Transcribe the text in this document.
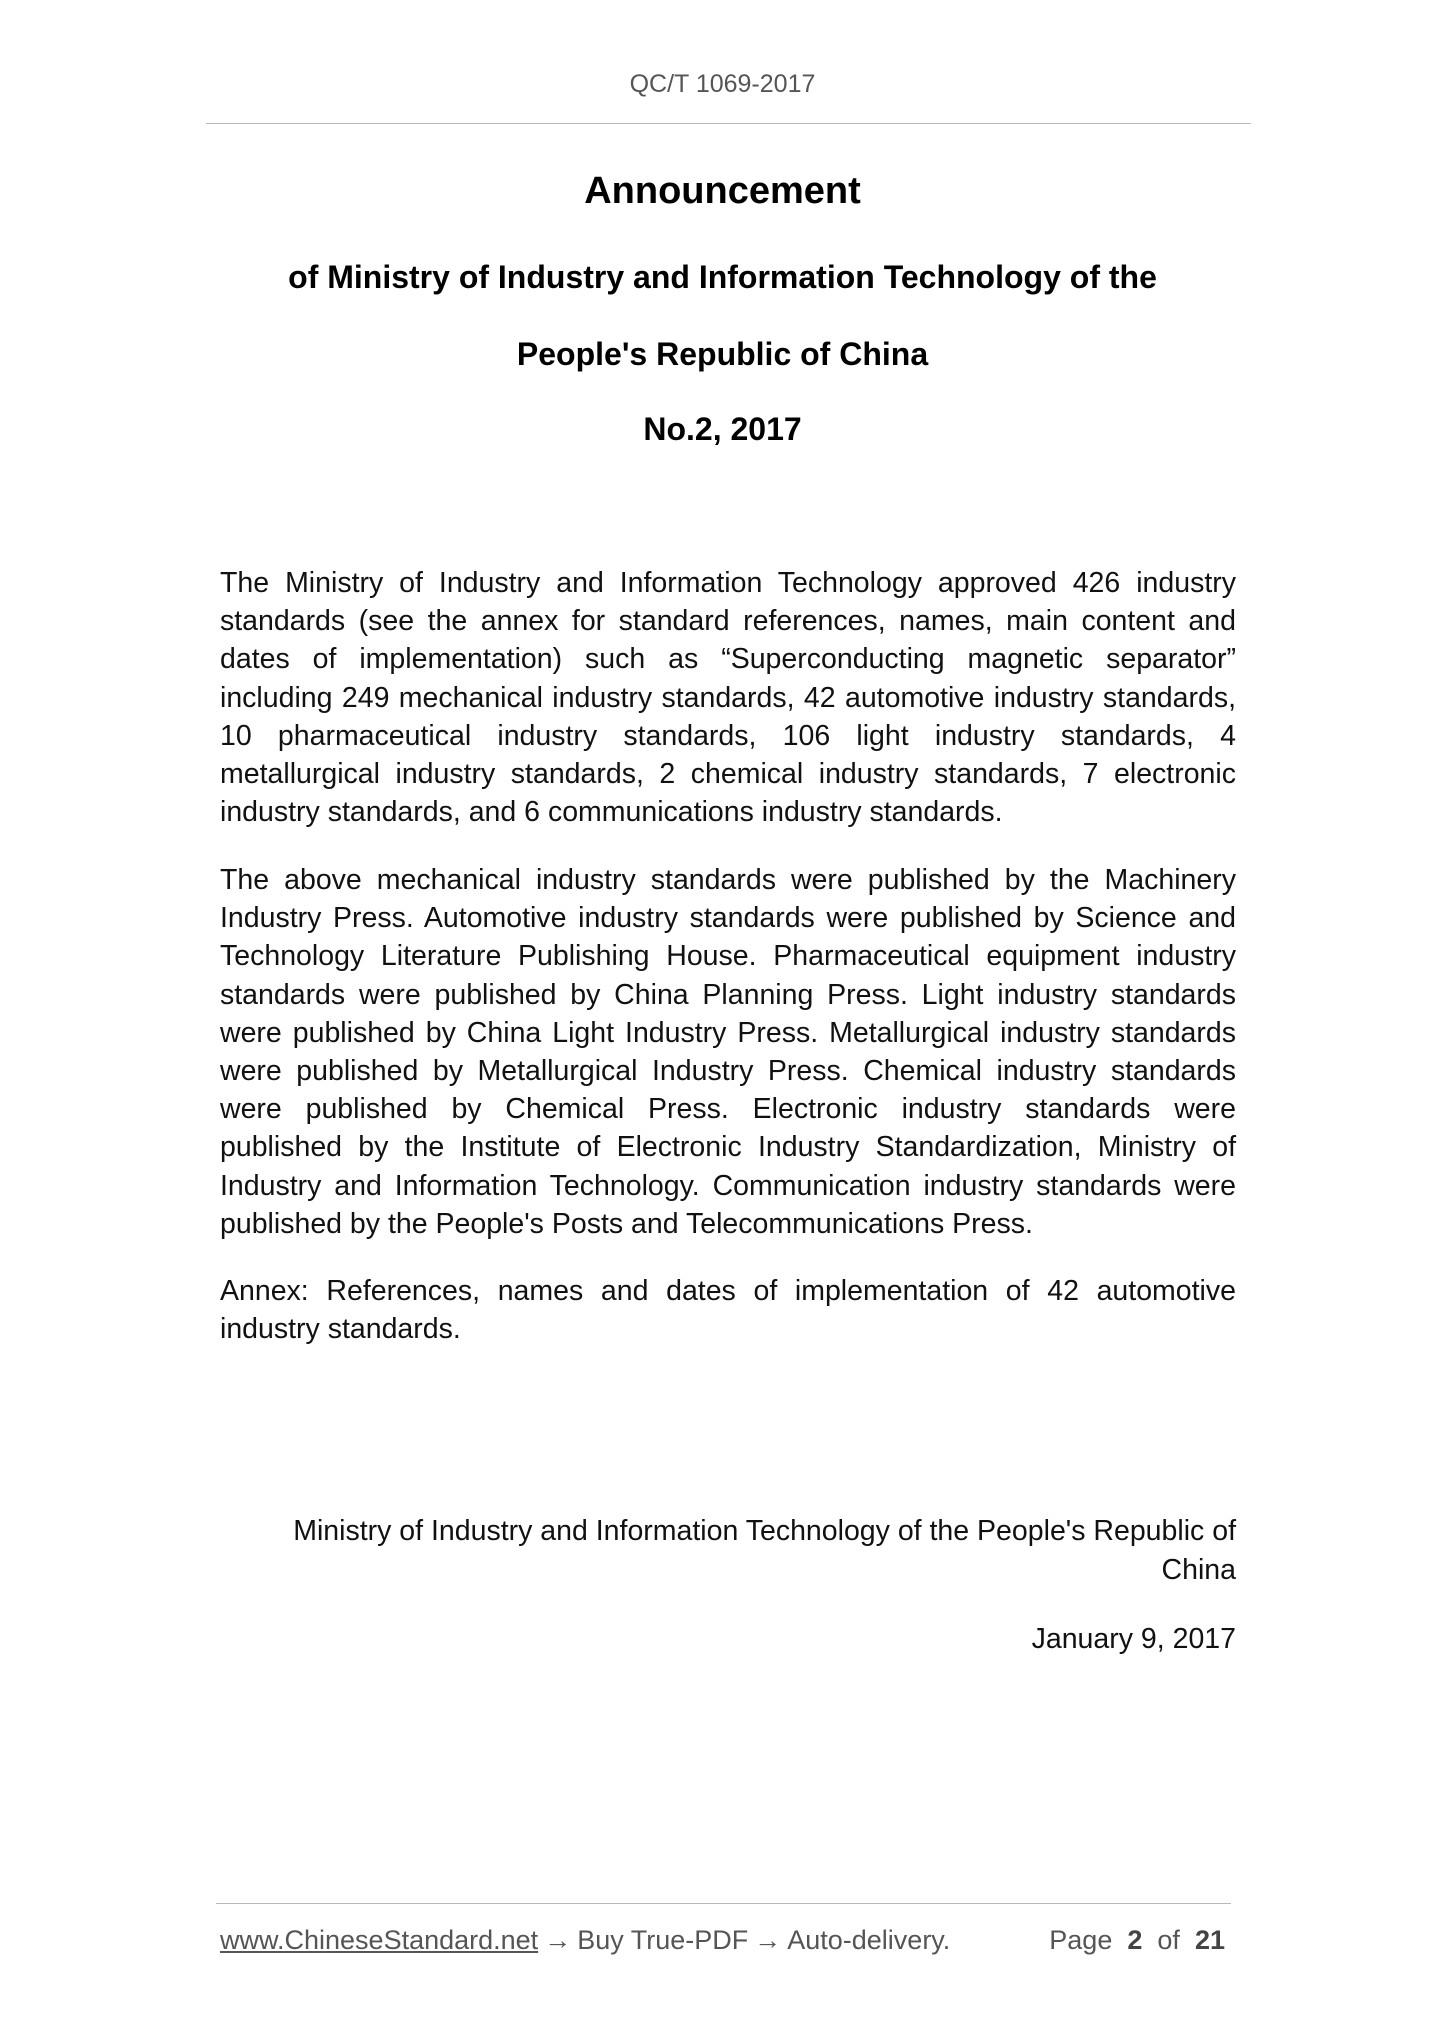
QC/T 1069-2017
Announcement
of Ministry of Industry and Information Technology of the
People's Republic of China
No.2, 2017

The Ministry of Industry and Information Technology approved 426 industry standards (see the annex for standard references, names, main content and dates of implementation) such as “Superconducting magnetic separator” including 249 mechanical industry standards, 42 automotive industry standards, 10 pharmaceutical industry standards, 106 light industry standards, 4 metallurgical industry standards, 2 chemical industry standards, 7 electronic industry standards, and 6 communications industry standards.

The above mechanical industry standards were published by the Machinery Industry Press. Automotive industry standards were published by Science and Technology Literature Publishing House. Pharmaceutical equipment industry standards were published by China Planning Press. Light industry standards were published by China Light Industry Press. Metallurgical industry standards were published by Metallurgical Industry Press. Chemical industry standards were published by Chemical Press. Electronic industry standards were published by the Institute of Electronic Industry Standardization, Ministry of Industry and Information Technology. Communication industry standards were published by the People's Posts and Telecommunications Press.

Annex: References, names and dates of implementation of 42 automotive industry standards.

Ministry of Industry and Information Technology of the People's Republic of China

January 9, 2017

www.ChineseStandard.net → Buy True-PDF → Auto-delivery.	Page 2 of 21
